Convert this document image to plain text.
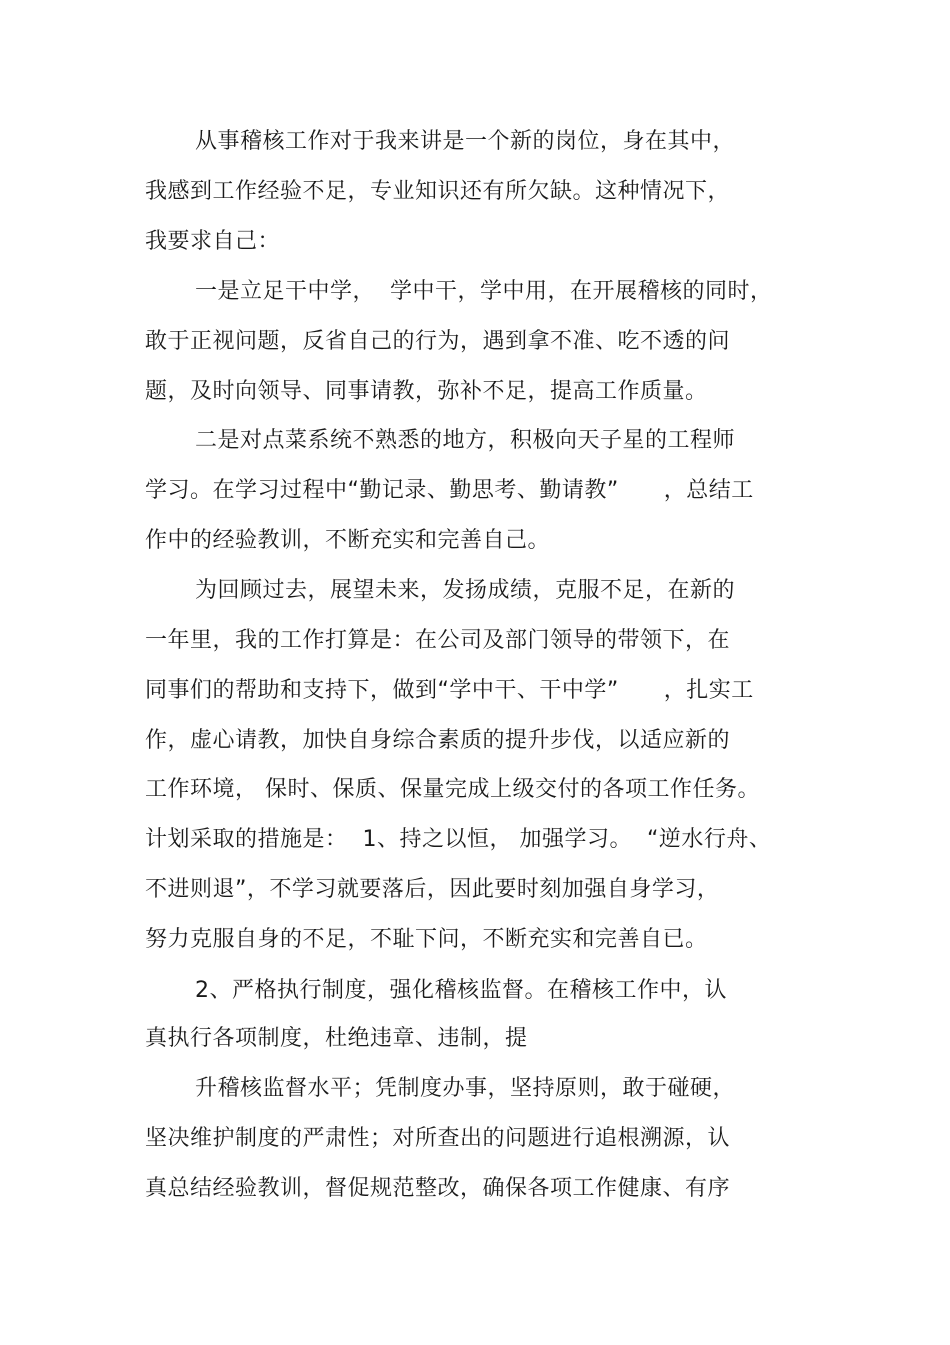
从事稽核工作对于我来讲是一个新的岗位，身在其中，
我感到工作经验不足，专业知识还有所欠缺。这种情况下，
我要求自己：
一是立足干中学，  学中干，学中用，在开展稽核的同时，
敢于正视问题，反省自己的行为，遇到拿不准、吃不透的问
题，及时向领导、同事请教，弥补不足，提高工作质量。
二是对点菜系统不熟悉的地方，积极向天子星的工程师
学习。在学习过程中“勤记录、勤思考、勤请教”      ，总结工
作中的经验教训，不断充实和完善自己。
为回顾过去，展望未来，发扬成绩，克服不足，在新的
一年里，我的工作打算是：在公司及部门领导的带领下，在
同事们的帮助和支持下，做到“学中干、干中学”      ，扎实工
作，虚心请教，加快自身综合素质的提升步伐，以适应新的
工作环境， 保时、保质、保量完成上级交付的各项工作任务。
计划采取的措施是：  1、持之以恒， 加强学习。  “逆水行舟、
不进则退”，不学习就要落后，因此要时刻加强自身学习，
努力克服自身的不足，不耻下问，不断充实和完善自已。
2、严格执行制度，强化稽核监督。在稽核工作中，认
真执行各项制度，杜绝违章、违制，提
升稽核监督水平；凭制度办事，坚持原则，敢于碰硬，
坚决维护制度的严肃性；对所查出的问题进行追根溯源，认
真总结经验教训，督促规范整改，确保各项工作健康、有序
